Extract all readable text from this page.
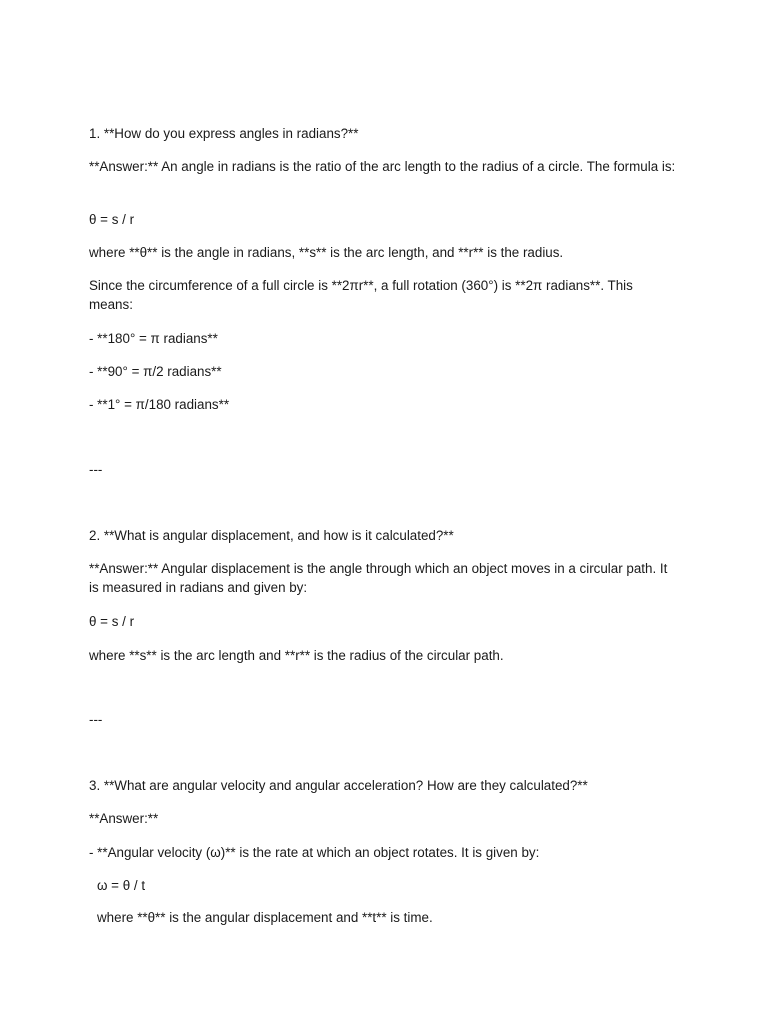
1. **How do you express angles in radians?**

**Answer:** An angle in radians is the ratio of the arc length to the radius of a circle. The formula is:

θ = s / r

where **θ** is the angle in radians, **s** is the arc length, and **r** is the radius.

Since the circumference of a full circle is **2πr**, a full rotation (360°) is **2π radians**. This means:

- **180° = π radians**

- **90° = π/2 radians**

- **1° = π/180 radians**

---

2. **What is angular displacement, and how is it calculated?**

**Answer:** Angular displacement is the angle through which an object moves in a circular path. It is measured in radians and given by:

θ = s / r

where **s** is the arc length and **r** is the radius of the circular path.

---

3. **What are angular velocity and angular acceleration? How are they calculated?**

**Answer:**

- **Angular velocity (ω)** is the rate at which an object rotates. It is given by:

ω = θ / t

where **θ** is the angular displacement and **t** is time.
